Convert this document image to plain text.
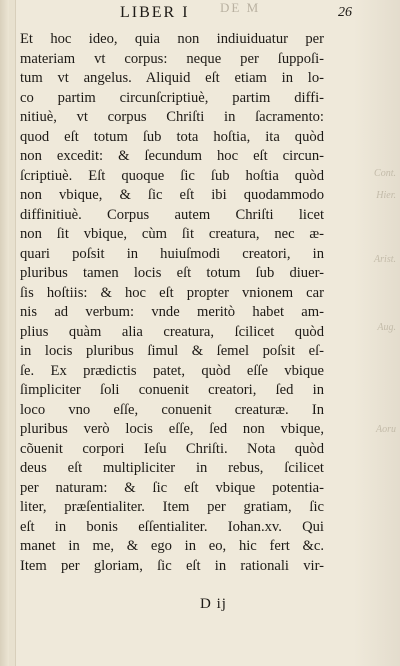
DE M
Cont.
Hier.
Arist.
Aug.
Aoru
LIBER I	26
Et hoc ideo, quia non indiuiduatur per
materiam vt corpus: neque per ſuppoſi-
tum vt angelus. Aliquid eſt etiam in lo-
co partim circunſcriptiuè, partim diffi-
nitiuè, vt corpus Chriſti in ſacramento:
quod eſt totum ſub tota hoſtia, ita quòd
non excedit: & ſecundum hoc eſt circun-
ſcriptiuè. Eſt quoque ſic ſub hoſtia quòd
non vbique, & ſic eſt ibi quodammodo
diffinitiuè. Corpus autem Chriſti licet
non ſit vbique, cùm ſit creatura, nec æ-
quari poſsit in huiuſmodi creatori, in
pluribus tamen locis eſt totum ſub diuer-
ſis hoſtiis: & hoc eſt propter vnionem car
nis ad verbum: vnde meritò habet am-
plius quàm alia creatura, ſcilicet quòd
in locis pluribus ſimul & ſemel poſsit eſ-
ſe. Ex prædictis patet, quòd eſſe vbique
ſimpliciter ſoli conuenit creatori, ſed in
loco vno eſſe, conuenit creaturæ. In
pluribus verò locis eſſe, ſed non vbique,
cõuenit corpori Ieſu Chriſti. Nota quòd
deus eſt multipliciter in rebus, ſcilicet
per naturam: & ſic eſt vbique potentia-
liter, præſentialiter. Item per gratiam, ſic
eſt in bonis eſſentialiter. Iohan.xv. Qui
manet in me, & ego in eo, hic fert &c.
Item per gloriam, ſic eſt in rationali vir-
D ij
